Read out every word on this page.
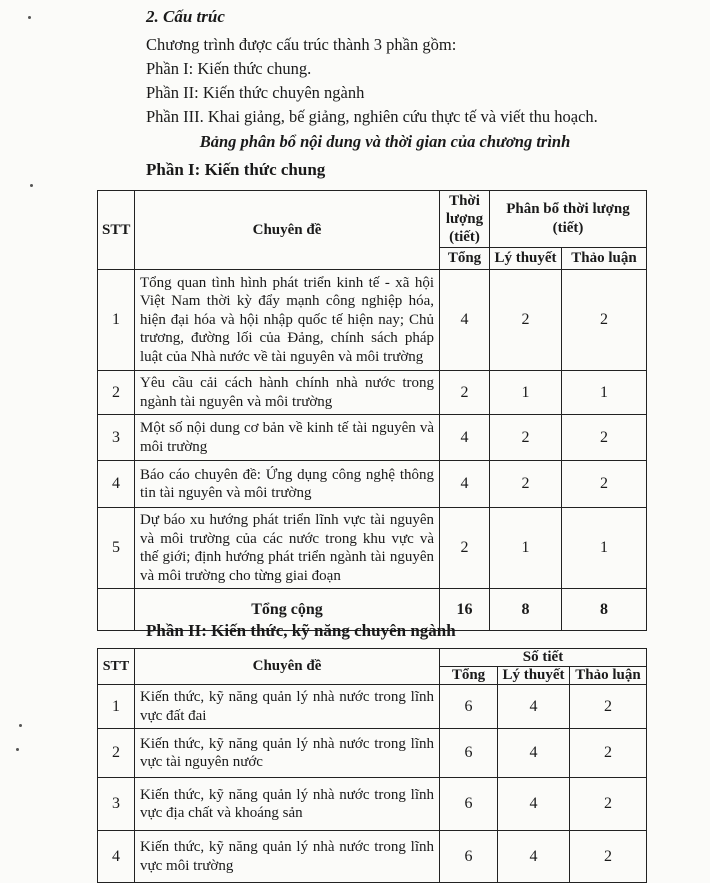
2. Cấu trúc
Chương trình được cấu trúc thành 3 phần gồm:
Phần I: Kiến thức chung.
Phần II: Kiến thức chuyên ngành
Phần III. Khai giảng, bế giảng, nghiên cứu thực tế và viết thu hoạch.
Bảng phân bổ nội dung và thời gian của chương trình
Phần I: Kiến thức chung
STT	Chuyên đề	Thời lượng (tiết)	Phân bổ thời lượng (tiết)	
		Tổng	Lý thuyết	Thảo luận
1	Tổng quan tình hình phát triển kinh tế - xã hội Việt Nam thời kỳ đẩy mạnh công nghiệp hóa, hiện đại hóa và hội nhập quốc tế hiện nay; Chủ trương, đường lối của Đảng, chính sách pháp luật của Nhà nước về tài nguyên và môi trường	4	2	2
2	Yêu cầu cải cách hành chính nhà nước trong ngành tài nguyên và môi trường	2	1	1
3	Một số nội dung cơ bản về kinh tế tài nguyên và môi trường	4	2	2
4	Báo cáo chuyên đề: Ứng dụng công nghệ thông tin tài nguyên và môi trường	4	2	2
5	Dự báo xu hướng phát triển lĩnh vực tài nguyên và môi trường của các nước trong khu vực và thế giới; định hướng phát triển ngành tài nguyên và môi trường cho từng giai đoạn	2	1	1
	Tổng cộng	16	8	8
Phần II: Kiến thức, kỹ năng chuyên ngành
STT	Chuyên đề	Số tiết		
		Tổng	Lý thuyết	Thảo luận
1	Kiến thức, kỹ năng quản lý nhà nước trong lĩnh vực đất đai	6	4	2
2	Kiến thức, kỹ năng quản lý nhà nước trong lĩnh vực tài nguyên nước	6	4	2
3	Kiến thức, kỹ năng quản lý nhà nước trong lĩnh vực địa chất và khoáng sản	6	4	2
4	Kiến thức, kỹ năng quản lý nhà nước trong lĩnh vực môi trường	6	4	2
